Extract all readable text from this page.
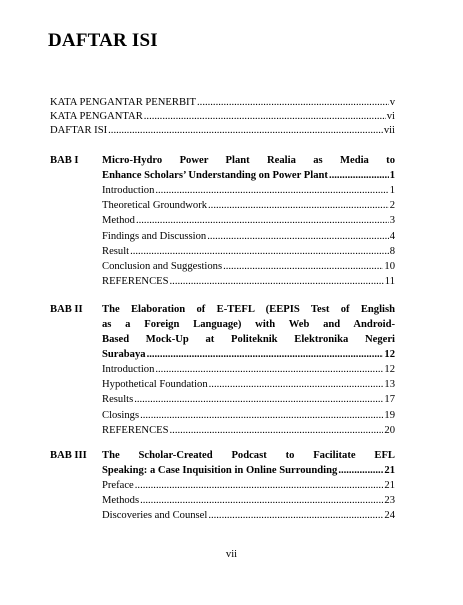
DAFTAR ISI
KATA PENGANTAR PENERBIT .....	v
KATA PENGANTAR .....	vi
DAFTAR ISI .....	vii
BAB I Micro-Hydro Power Plant Realia as Media to
Enhance Scholars’ Understanding on Power Plant .....	1
Introduction .....	1
Theoretical Groundwork .....	2
Method .....	3
Findings and Discussion .....	4
Result .....	8
Conclusion and Suggestions .....	10
REFERENCES .....	11
BAB II The Elaboration of E-TEFL (EEPIS Test of English
as a Foreign Language) with Web and Android-
Based Mock-Up at Politeknik Elektronika Negeri
Surabaya .....	12
Introduction .....	12
Hypothetical Foundation .....	13
Results .....	17
Closings .....	19
REFERENCES .....	20
BAB III The Scholar-Created Podcast to Facilitate EFL
Speaking: a Case Inquisition in Online Surrounding .....	21
Preface .....	21
Methods .....	23
Discoveries and Counsel .....	24
vii
